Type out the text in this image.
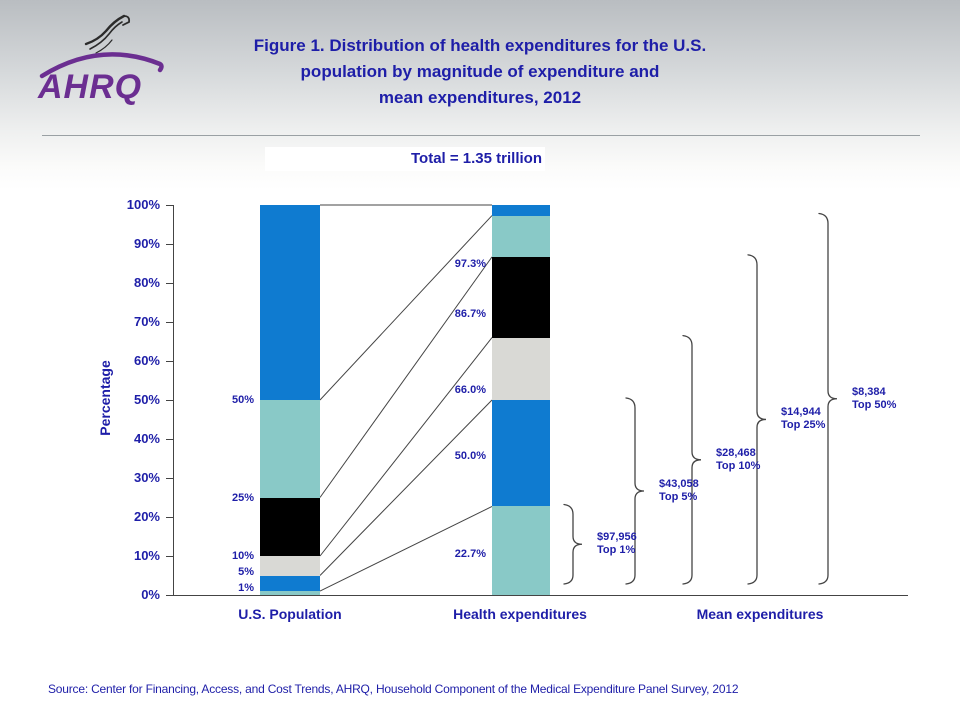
AHRQ
Figure 1. Distribution of health expenditures for the U.S.
population by magnitude of expenditure and
mean expenditures, 2012
Total = 1.35 trillion
0%
10%
20%
30%
40%
50%
60%
70%
80%
90%
100%
50%
25%
10%
5%
1%
97.3%
86.7%
66.0%
50.0%
22.7%
$97,956
Top 1%
$43,058
Top 5%
$28,468
Top 10%
$14,944
Top 25%
$8,384
Top 50%
Percentage
U.S. Population	Health expenditures	Mean expenditures
Source: Center for Financing, Access, and Cost Trends, AHRQ, Household Component of the Medical Expenditure Panel Survey, 2012
